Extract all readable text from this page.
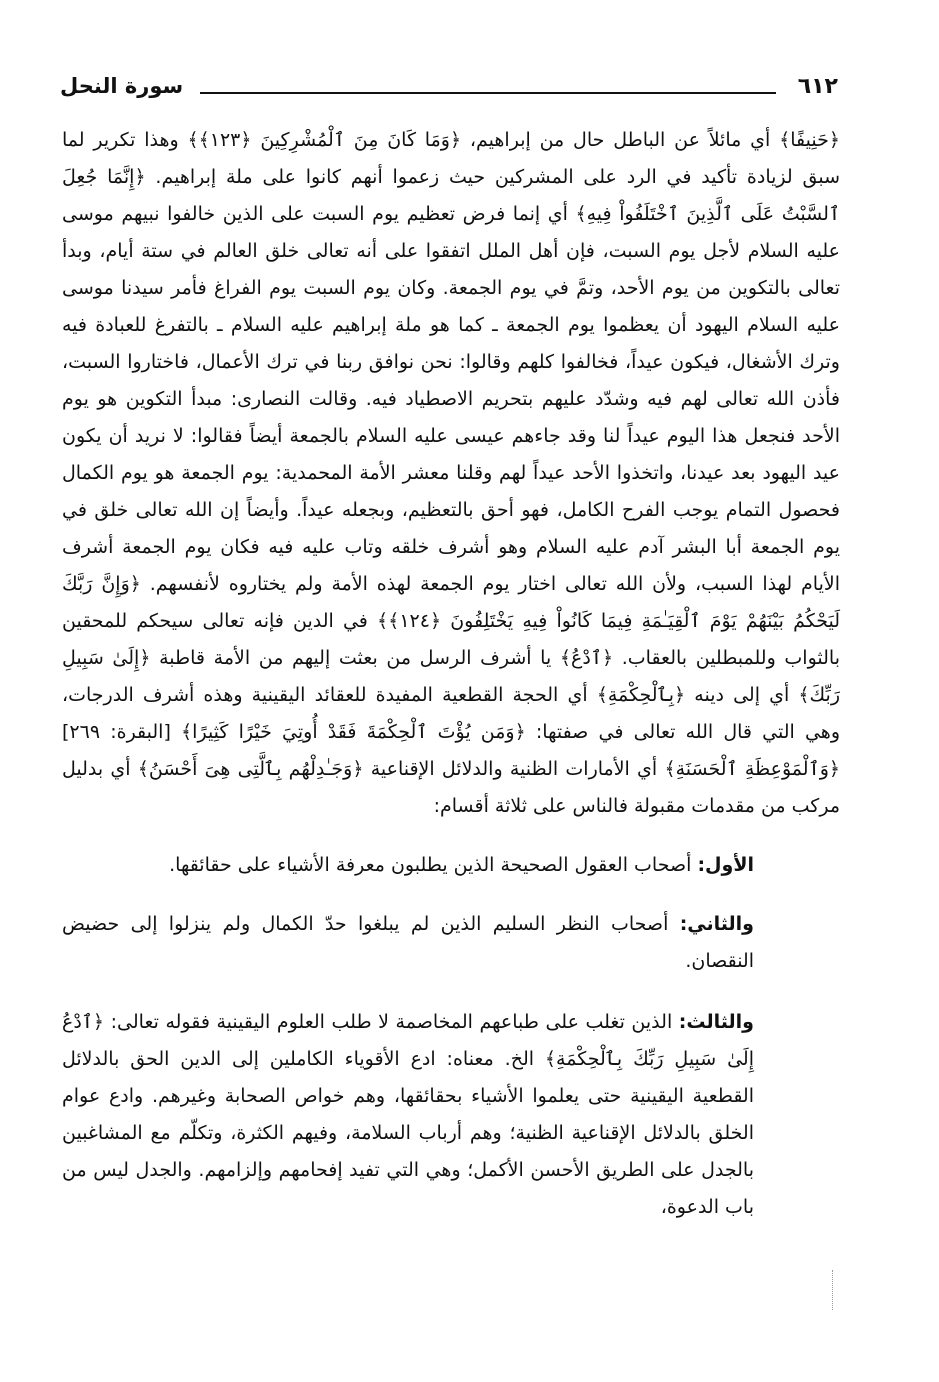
٦١٢
سورة النحل

﴿حَنِيفًا﴾ أي مائلاً عن الباطل حال من إبراهيم، ﴿وَمَا كَانَ مِنَ ٱلْمُشْرِكِينَ ﴿١٢٣﴾﴾ وهذا تكرير لما سبق لزيادة تأكيد في الرد على المشركين حيث زعموا أنهم كانوا على ملة إبراهيم. ﴿إِنَّمَا جُعِلَ ٱلسَّبْتُ عَلَى ٱلَّذِينَ ٱخْتَلَفُواْ فِيهِ﴾ أي إنما فرض تعظيم يوم السبت على الذين خالفوا نبيهم موسى عليه السلام لأجل يوم السبت، فإن أهل الملل اتفقوا على أنه تعالى خلق العالم في ستة أيام، وبدأ تعالى بالتكوين من يوم الأحد، وتمَّ في يوم الجمعة. وكان يوم السبت يوم الفراغ فأمر سيدنا موسى عليه السلام اليهود أن يعظموا يوم الجمعة ـ كما هو ملة إبراهيم عليه السلام ـ بالتفرغ للعبادة فيه وترك الأشغال، فيكون عيداً، فخالفوا كلهم وقالوا: نحن نوافق ربنا في ترك الأعمال، فاختاروا السبت، فأذن الله تعالى لهم فيه وشدّد عليهم بتحريم الاصطياد فيه. وقالت النصارى: مبدأ التكوين هو يوم الأحد فنجعل هذا اليوم عيداً لنا وقد جاءهم عيسى عليه السلام بالجمعة أيضاً فقالوا: لا نريد أن يكون عيد اليهود بعد عيدنا، واتخذوا الأحد عيداً لهم وقلنا معشر الأمة المحمدية: يوم الجمعة هو يوم الكمال فحصول التمام يوجب الفرح الكامل، فهو أحق بالتعظيم، وبجعله عيداً. وأيضاً إن الله تعالى خلق في يوم الجمعة أبا البشر آدم عليه السلام وهو أشرف خلقه وتاب عليه فيه فكان يوم الجمعة أشرف الأيام لهذا السبب، ولأن الله تعالى اختار يوم الجمعة لهذه الأمة ولم يختاروه لأنفسهم. ﴿وَإِنَّ رَبَّكَ لَيَحْكُمُ بَيْنَهُمْ يَوْمَ ٱلْقِيَـٰمَةِ فِيمَا كَانُواْ فِيهِ يَخْتَلِفُونَ ﴿١٢٤﴾﴾ في الدين فإنه تعالى سيحكم للمحقين بالثواب وللمبطلين بالعقاب. ﴿ٱدْعُ﴾ يا أشرف الرسل من بعثت إليهم من الأمة قاطبة ﴿إِلَىٰ سَبِيلِ رَبِّكَ﴾ أي إلى دينه ﴿بِٱلْحِكْمَةِ﴾ أي الحجة القطعية المفيدة للعقائد اليقينية وهذه أشرف الدرجات، وهي التي قال الله تعالى في صفتها: ﴿وَمَن يُؤْتَ ٱلْحِكْمَةَ فَقَدْ أُوتِيَ خَيْرًا كَثِيرًا﴾ [البقرة: ٢٦٩] ﴿وَٱلْمَوْعِظَةِ ٱلْحَسَنَةِ﴾ أي الأمارات الظنية والدلائل الإقناعية ﴿وَجَـٰدِلْهُم بِٱلَّتِى هِىَ أَحْسَنُ﴾ أي بدليل مركب من مقدمات مقبولة فالناس على ثلاثة أقسام:

الأول: أصحاب العقول الصحيحة الذين يطلبون معرفة الأشياء على حقائقها.

والثاني: أصحاب النظر السليم الذين لم يبلغوا حدّ الكمال ولم ينزلوا إلى حضيض النقصان.

والثالث: الذين تغلب على طباعهم المخاصمة لا طلب العلوم اليقينية فقوله تعالى: ﴿ٱدْعُ إِلَىٰ سَبِيلِ رَبِّكَ بِٱلْحِكْمَةِ﴾ الخ. معناه: ادع الأقوياء الكاملين إلى الدين الحق بالدلائل القطعية اليقينية حتى يعلموا الأشياء بحقائقها، وهم خواص الصحابة وغيرهم. وادع عوام الخلق بالدلائل الإقناعية الظنية؛ وهم أرباب السلامة، وفيهم الكثرة، وتكلّم مع المشاغبين بالجدل على الطريق الأحسن الأكمل؛ وهي التي تفيد إفحامهم وإلزامهم. والجدل ليس من باب الدعوة،
